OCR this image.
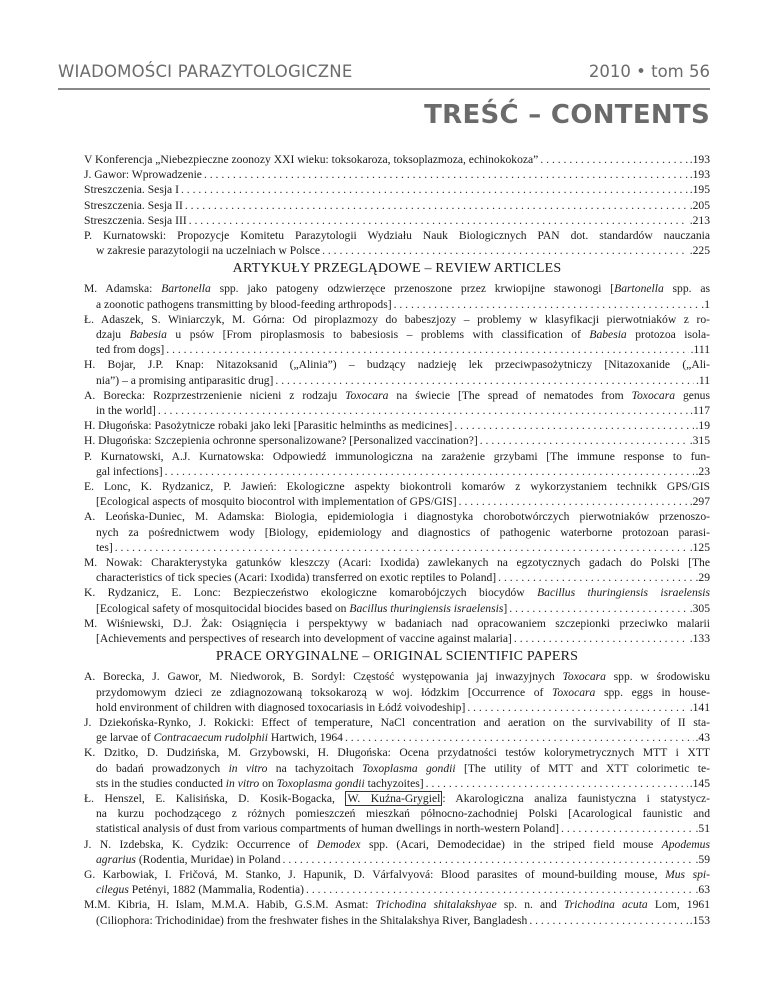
WIADOMOŚCI PARAZYTOLOGICZNE	2010 • tom 56
TREŚĆ – CONTENTS
V Konferencja „Niebezpieczne zoonozy XXI wieku: toksokaroza, toksoplazmoza, echinokokoza” . . .	.193
J. Gawor: Wprowadzenie . . .	.193
Streszczenia. Sesja I . . .	.195
Streszczenia. Sesja II . . .	.205
Streszczenia. Sesja III . . .	.213
P. Kurnatowski: Propozycje Komitetu Parazytologii Wydziału Nauk Biologicznych PAN dot. standardów nauczania
w zakresie parazytologii na uczelniach w Polsce . . .	.225
ARTYKUŁY PRZEGLĄDOWE – REVIEW ARTICLES
M. Adamska: Bartonella spp. jako patogeny odzwierzęce przenoszone przez krwiopijne stawonogi [Bartonella spp. as
a zoonotic pathogens transmitting by blood-feeding arthropods] . . .	.1
Ł. Adaszek, S. Winiarczyk, M. Górna: Od piroplazmozy do babeszjozy – problemy w klasyfikacji pierwotniaków z ro-
dzaju Babesia u psów [From piroplasmosis to babesiosis – problems with classification of Babesia protozoa isola-
ted from dogs] . . .	.111
H. Bojar, J.P. Knap: Nitazoksanid („Alinia”) – budzący nadzieję lek przeciwpasożytniczy [Nitazoxanide („Ali-
nia”) – a promising antiparasitic drug] . . .	.11
A. Borecka: Rozprzestrzenienie nicieni z rodzaju Toxocara na świecie [The spread of nematodes from Toxocara genus
in the world] . . .	.117
H. Długońska: Pasożytnicze robaki jako leki [Parasitic helminths as medicines] . . .	.19
H. Długońska: Szczepienia ochronne spersonalizowane? [Personalized vaccination?] . . .	.315
P. Kurnatowski, A.J. Kurnatowska: Odpowiedź immunologiczna na zarażenie grzybami [The immune response to fun-
gal infections] . . .	.23
E. Lonc, K. Rydzanicz, P. Jawień: Ekologiczne aspekty biokontroli komarów z wykorzystaniem technikk GPS/GIS
[Ecological aspects of mosquito biocontrol with implementation of GPS/GIS] . . .	.297
A. Leońska-Duniec, M. Adamska: Biologia, epidemiologia i diagnostyka chorobotwórczych pierwotniaków przenoszo-
nych za pośrednictwem wody [Biology, epidemiology and diagnostics of pathogenic waterborne protozoan parasi-
tes] . . .	.125
M. Nowak: Charakterystyka gatunków kleszczy (Acari: Ixodida) zawlekanych na egzotycznych gadach do Polski [The
characteristics of tick species (Acari: Ixodida) transferred on exotic reptiles to Poland] . . .	.29
K. Rydzanicz, E. Lonc: Bezpieczeństwo ekologiczne komarobójczych biocydów Bacillus thuringiensis israelensis
[Ecological safety of mosquitocidal biocides based on Bacillus thuringiensis israelensis] . . .	.305
M. Wiśniewski, D.J. Żak: Osiągnięcia i perspektywy w badaniach nad opracowaniem szczepionki przeciwko malarii
[Achievements and perspectives of research into development of vaccine against malaria] . . .	.133
PRACE ORYGINALNE – ORIGINAL SCIENTIFIC PAPERS
A. Borecka, J. Gawor, M. Niedworok, B. Sordyl: Częstość występowania jaj inwazyjnych Toxocara spp. w środowisku
przydomowym dzieci ze zdiagnozowaną toksokarozą w woj. łódzkim [Occurrence of Toxocara spp. eggs in house-
hold environment of children with diagnosed toxocariasis in Łódź voivodeship] . . .	.141
J. Dziekońska-Rynko, J. Rokicki: Effect of temperature, NaCl concentration and aeration on the survivability of II sta-
ge larvae of Contracaecum rudolphii Hartwich, 1964 . . .	.43
K. Dzitko, D. Dudzińska, M. Grzybowski, H. Długońska: Ocena przydatności testów kolorymetrycznych MTT i XTT
do badań prowadzonych in vitro na tachyzoitach Toxoplasma gondii [The utility of MTT and XTT colorimetic te-
sts in the studies conducted in vitro on Toxoplasma gondii tachyzoites] . . .	.145
Ł. Henszel, E. Kalisińska, D. Kosik-Bogacka, W. Kuźna-Grygiel : Akarologiczna analiza faunistyczna i statystycz-
na kurzu pochodzącego z różnych pomieszczeń mieszkań północno-zachodniej Polski [Acarological faunistic and
statistical analysis of dust from various compartments of human dwellings in north-western Poland] . . .	.51
J. N. Izdebska, K. Cydzik: Occurrence of Demodex spp. (Acari, Demodecidae) in the striped field mouse Apodemus
agrarius (Rodentia, Muridae) in Poland . . .	.59
G. Karbowiak, I. Fričová, M. Stanko, J. Hapunik, D. Várfalvyová: Blood parasites of mound-building mouse, Mus spi-
cilegus Petényi, 1882 (Mammalia, Rodentia) . . .	.63
M.M. Kibria, H. Islam, M.M.A. Habib, G.S.M. Asmat: Trichodina shitalakshyae sp. n. and Trichodina acuta Lom, 1961
(Ciliophora: Trichodinidae) from the freshwater fishes in the Shitalakshya River, Bangladesh . . .	.153
